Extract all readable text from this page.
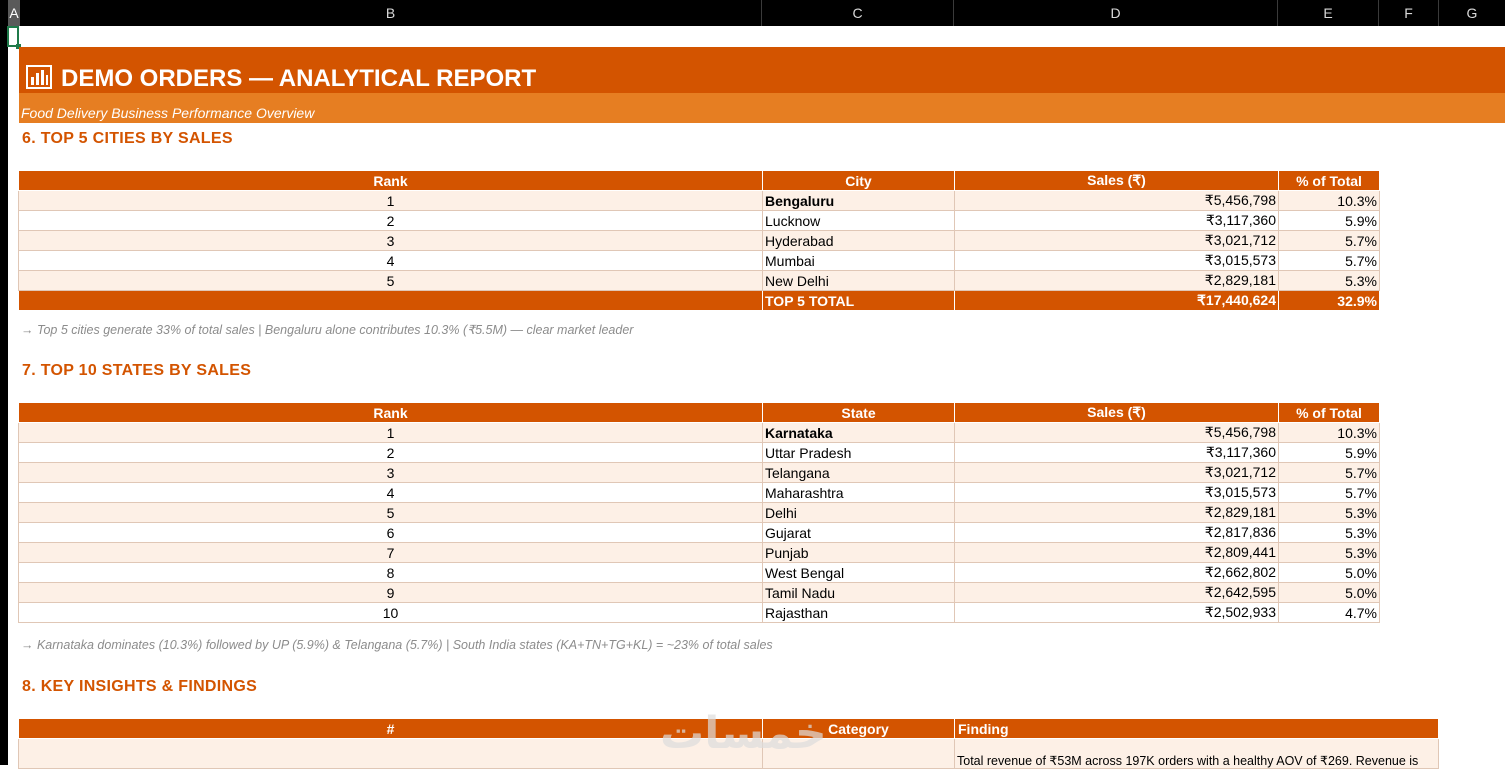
A	B	C	D	E	F	G
DEMO ORDERS — ANALYTICAL REPORT
Food Delivery Business Performance Overview
6. TOP 5 CITIES BY SALES
Rank	City	Sales (₹)	% of Total
1	Bengaluru	₹5,456,798	10.3%
2	Lucknow	₹3,117,360	5.9%
3	Hyderabad	₹3,021,712	5.7%
4	Mumbai	₹3,015,573	5.7%
5	New Delhi	₹2,829,181	5.3%
	TOP 5 TOTAL	₹17,440,624	32.9%
→ Top 5 cities generate 33% of total sales | Bengaluru alone contributes 10.3% (₹5.5M) — clear market leader
7. TOP 10 STATES BY SALES
Rank	State	Sales (₹)	% of Total
1	Karnataka	₹5,456,798	10.3%
2	Uttar Pradesh	₹3,117,360	5.9%
3	Telangana	₹3,021,712	5.7%
4	Maharashtra	₹3,015,573	5.7%
5	Delhi	₹2,829,181	5.3%
6	Gujarat	₹2,817,836	5.3%
7	Punjab	₹2,809,441	5.3%
8	West Bengal	₹2,662,802	5.0%
9	Tamil Nadu	₹2,642,595	5.0%
10	Rajasthan	₹2,502,933	4.7%
→ Karnataka dominates (10.3%) followed by UP (5.9%) & Telangana (5.7%) | South India states (KA+TN+TG+KL) = ~23% of total sales
8. KEY INSIGHTS & FINDINGS
#	Category	Finding
		Total revenue of ₹53M across 197K orders with a healthy AOV of ₹269. Revenue is
خمسات
